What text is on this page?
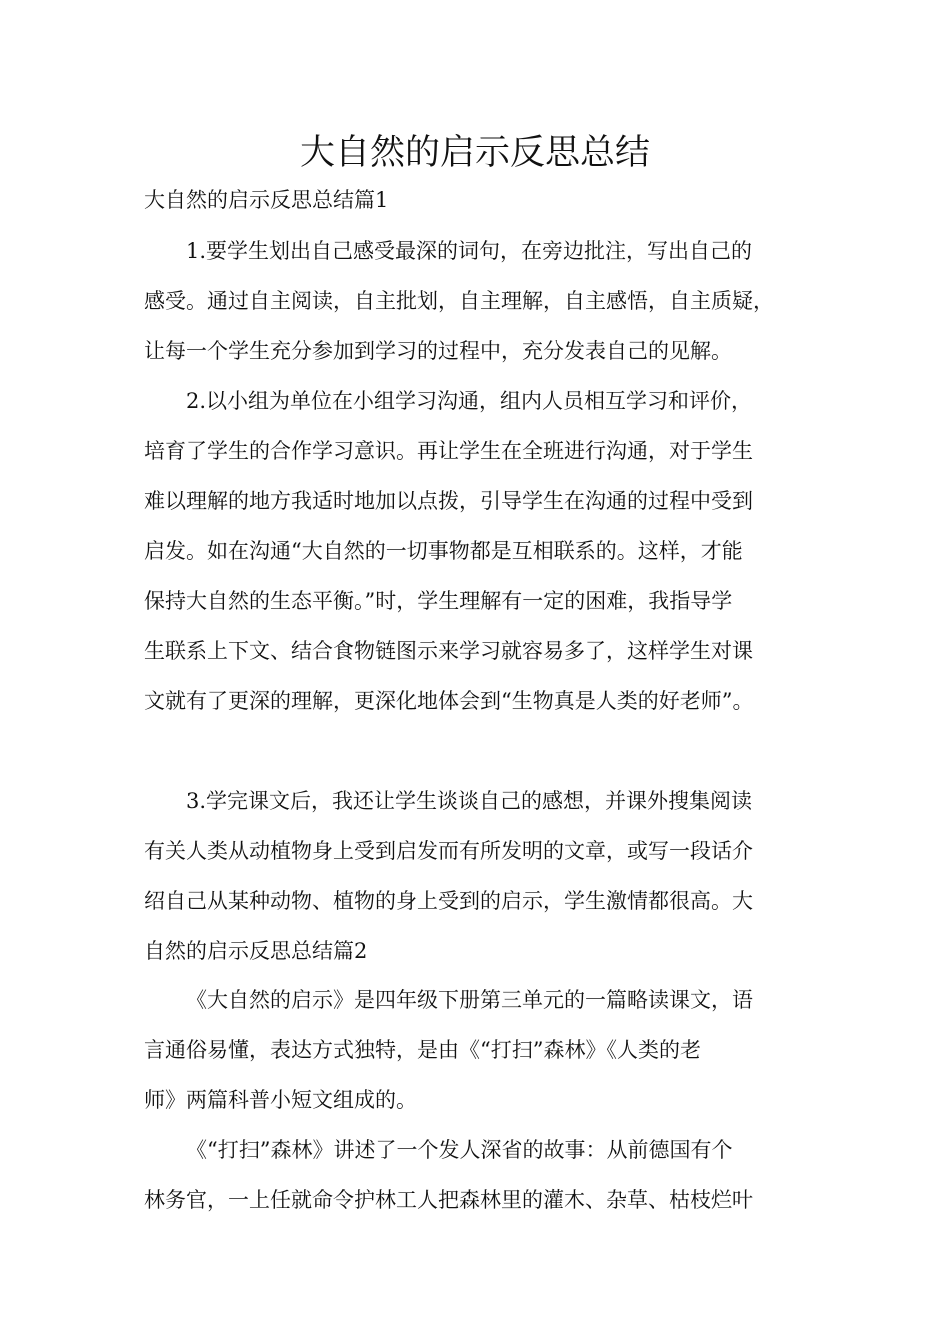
大自然的启示反思总结

大自然的启示反思总结篇1

1.要学生划出自己感受最深的词句，在旁边批注，写出自己的

感受。通过自主阅读，自主批划，自主理解，自主感悟，自主质疑，

让每一个学生充分参加到学习的过程中，充分发表自己的见解。

2.以小组为单位在小组学习沟通，组内人员相互学习和评价，

培育了学生的合作学习意识。再让学生在全班进行沟通，对于学生

难以理解的地方我适时地加以点拨，引导学生在沟通的过程中受到

启发。如在沟通“大自然的一切事物都是互相联系的。这样，才能

保持大自然的生态平衡。”时，学生理解有一定的困难，我指导学

生联系上下文、结合食物链图示来学习就容易多了，这样学生对课

文就有了更深的理解，更深化地体会到“生物真是人类的好老师”。

3.学完课文后，我还让学生谈谈自己的感想，并课外搜集阅读

有关人类从动植物身上受到启发而有所发明的文章，或写一段话介

绍自己从某种动物、植物的身上受到的启示，学生激情都很高。大

自然的启示反思总结篇2

《大自然的启示》是四年级下册第三单元的一篇略读课文，语

言通俗易懂，表达方式独特，是由《“打扫”森林》《人类的老

师》两篇科普小短文组成的。

《“打扫”森林》讲述了一个发人深省的故事：从前德国有个

林务官，一上任就命令护林工人把森林里的灌木、杂草、枯枝烂叶
